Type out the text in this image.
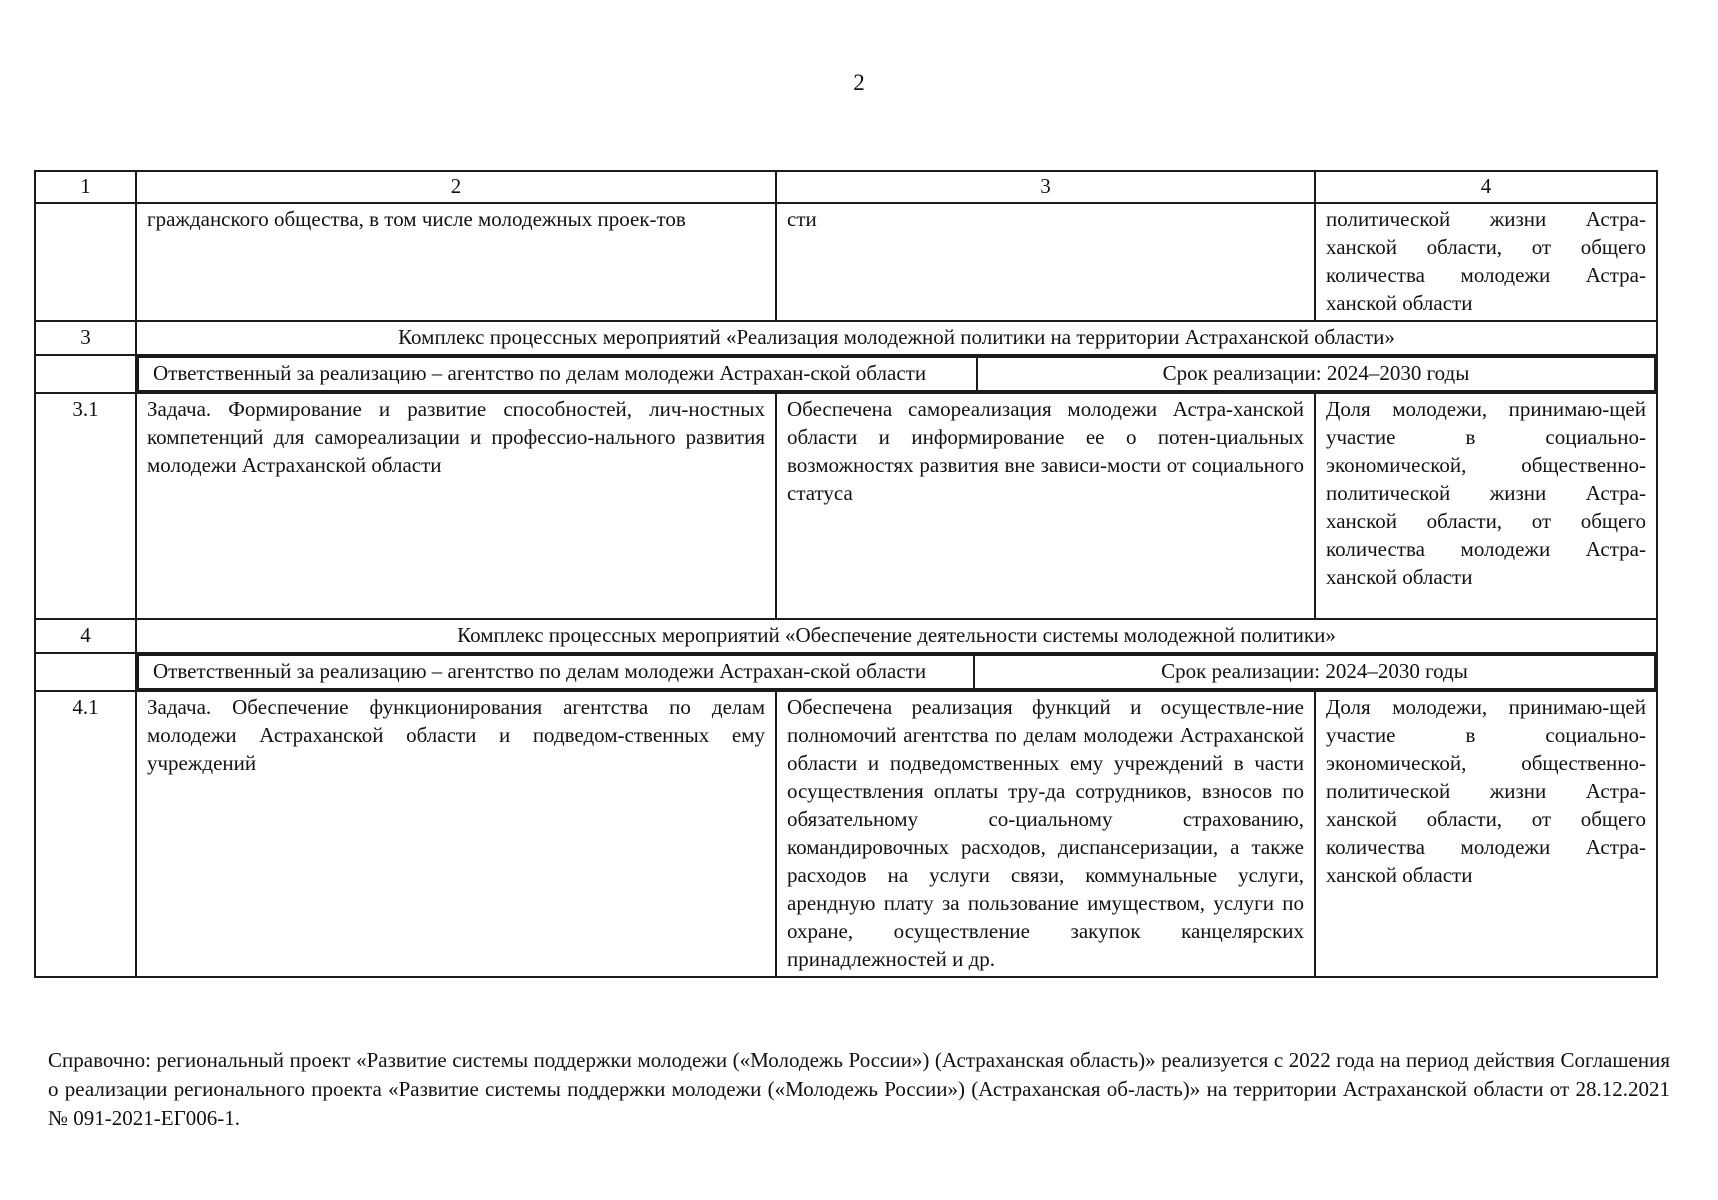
2
1	2	3	4
	гражданского общества, в том числе молодежных проек-тов	сти	политической жизни Астра-ханской области, от общего количества молодежи Астра-ханской области
3	Комплекс процессных мероприятий «Реализация молодежной политики на территории Астраханской области»

Ответственный за реализацию – агентство по делам молодежи Астрахан-ской области	Срок реализации: 2024–2030 годы

3.1	Задача. Формирование и развитие способностей, лич-ностных компетенций для самореализации и профессио-нального развития молодежи Астраханской области	Обеспечена самореализация молодежи Астра-ханской области и информирование ее о потен-циальных возможностях развития вне зависи-мости от социального статуса	Доля молодежи, принимаю-щей участие в социально-экономической, общественно-политической жизни Астра-ханской области, от общего количества молодежи Астра-ханской области
4	Комплекс процессных мероприятий «Обеспечение деятельности системы молодежной политики»

Ответственный за реализацию – агентство по делам молодежи Астрахан-ской области	Срок реализации: 2024–2030 годы

4.1	Задача. Обеспечение функционирования агентства по делам молодежи Астраханской области и подведом-ственных ему учреждений	Обеспечена реализация функций и осуществле-ние полномочий агентства по делам молодежи Астраханской области и подведомственных ему учреждений в части осуществления оплаты тру-да сотрудников, взносов по обязательному со-циальному страхованию, командировочных расходов, диспансеризации, а также расходов на услуги связи, коммунальные услуги, арендную плату за пользование имуществом, услуги по охране, осуществление закупок канцелярских принадлежностей и др.	Доля молодежи, принимаю-щей участие в социально-экономической, общественно-политической жизни Астра-ханской области, от общего количества молодежи Астра-ханской области
Справочно: региональный проект «Развитие системы поддержки молодежи («Молодежь России») (Астраханская область)» реализуется с 2022 года на период действия Соглашения о реализации регионального проекта «Развитие системы поддержки молодежи («Молодежь России») (Астраханская об-ласть)» на территории Астраханской области от 28.12.2021 № 091-2021-ЕГ006-1.
